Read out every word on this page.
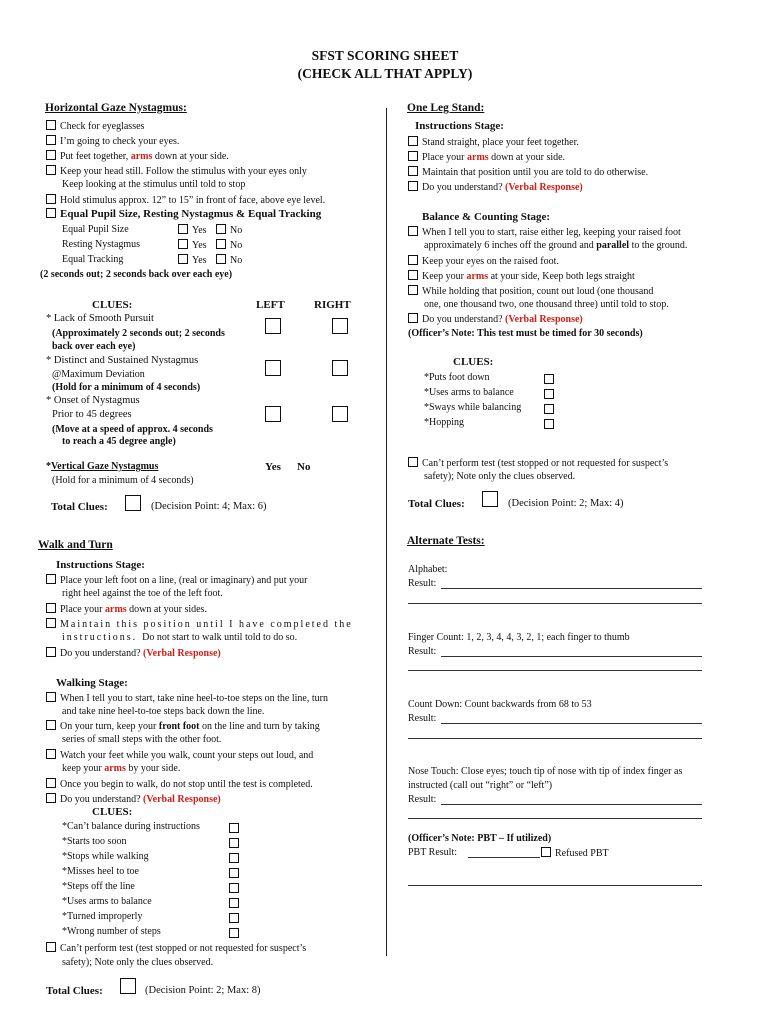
SFST SCORING SHEET
(CHECK ALL THAT APPLY)
Horizontal Gaze Nystagmus:
Check for eyeglasses
I’m going to check your eyes.
Put feet together, arms down at your side.
Keep your head still. Follow the stimulus with your eyes only
Keep looking at the stimulus until told to stop
Hold stimulus approx. 12” to 15” in front of face, above eye level.
Equal Pupil Size, Resting Nystagmus & Equal Tracking
Equal Pupil Size	Yes	No
Resting Nystagmus	Yes	No
Equal Tracking	Yes	No
(2 seconds out; 2 seconds back over each eye)
CLUES:	LEFT	RIGHT
* Lack of Smooth Pursuit
(Approximately 2 seconds out; 2 seconds
back over each eye)
* Distinct and Sustained Nystagmus
@Maximum Deviation
(Hold for a minimum of 4 seconds)
* Onset of Nystagmus
Prior to 45 degrees
(Move at a speed of approx. 4 seconds
to reach a 45 degree angle)
*Vertical Gaze Nystagmus	Yes No
(Hold for a minimum of 4 seconds)
Total Clues:	(Decision Point: 4; Max: 6)
Walk and Turn
Instructions Stage:
Place your left foot on a line, (real or imaginary) and put your
right heel against the toe of the left foot.
Place your arms down at your sides.
Maintain this position until I have completed the
instructions. Do not start to walk until told to do so.
Do you understand? (Verbal Response)
Walking Stage:
When I tell you to start, take nine heel-to-toe steps on the line, turn
and take nine heel-to-toe steps back down the line.
On your turn, keep your front foot on the line and turn by taking
series of small steps with the other foot.
Watch your feet while you walk, count your steps out loud, and
keep your arms by your side.
Once you begin to walk, do not stop until the test is completed.
Do you understand? (Verbal Response)
CLUES:
*Can’t balance during instructions
*Starts too soon
*Stops while walking
*Misses heel to toe
*Steps off the line
*Uses arms to balance
*Turned improperly
*Wrong number of steps
Can’t perform test (test stopped or not requested for suspect’s
safety); Note only the clues observed.
Total Clues:	(Decision Point: 2; Max: 8)
One Leg Stand:
Instructions Stage:
Stand straight, place your feet together.
Place your arms down at your side.
Maintain that position until you are told to do otherwise.
Do you understand? (Verbal Response)
Balance & Counting Stage:
When I tell you to start, raise either leg, keeping your raised foot
approximately 6 inches off the ground and parallel to the ground.
Keep your eyes on the raised foot.
Keep your arms at your side, Keep both legs straight
While holding that position, count out loud (one thousand
one, one thousand two, one thousand three) until told to stop.
Do you understand? (Verbal Response)
(Officer’s Note: This test must be timed for 30 seconds)
CLUES:
*Puts foot down
*Uses arms to balance
*Sways while balancing
*Hopping
Can’t perform test (test stopped or not requested for suspect’s
safety); Note only the clues observed.
Total Clues:	(Decision Point: 2; Max: 4)
Alternate Tests:
Alphabet:
Result:
Finger Count: 1, 2, 3, 4, 4, 3, 2, 1; each finger to thumb
Result:
Count Down: Count backwards from 68 to 53
Result:
Nose Touch: Close eyes; touch tip of nose with tip of index finger as
instructed (call out “right” or “left”)
Result:
(Officer’s Note: PBT – If utilized)
PBT Result:	Refused PBT
